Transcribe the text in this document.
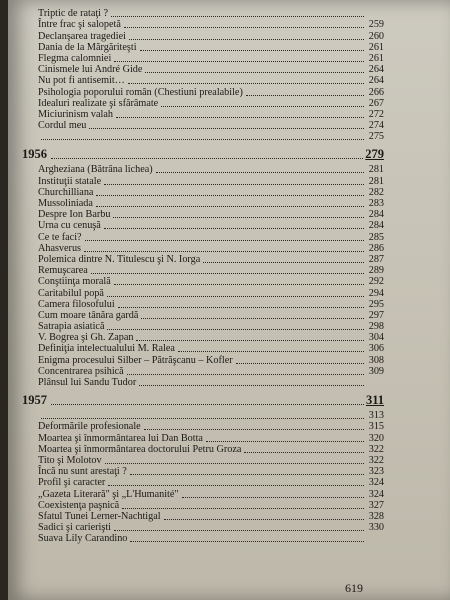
Triptic de rataţi ?
Între frac şi salopetă	259
Declanşarea tragediei	260
Dania de la Mărgăriteşti	261
Flegma calomniei	261
Cinismele lui André Gide	264
Nu pot fi antisemit…	264
Psihologia poporului român (Chestiuni prealabile)	266
Idealuri realizate şi sfărâmate	267
Miciurinism valah	272
Cordul meu	274
275
1956	279
Argheziana (Bătrâna lichea)	281
Instituţii statale	281
Churchilliana	282
Mussoliniada	283
Despre Ion Barbu	284
Urna cu cenuşă	284
Ce te faci?	285
Ahasverus	286
Polemica dintre N. Titulescu şi N. Iorga	287
Remuşcarea	289
Conştiinţa morală	292
Caritabilul popă	294
Camera filosofului	295
Cum moare tânăra gardă	297
Satrapia asiatică	298
V. Bogrea şi Gh. Zapan	304
Definiţia intelectualului M. Ralea	306
Enigma procesului Silber – Pătrăşcanu – Kofler	308
Concentrarea psihică	309
Plânsul lui Sandu Tudor
1957	311
313
Deformările profesionale	315
Moartea şi înmormântarea lui Dan Botta	320
Moartea şi înmormântarea doctorului Petru Groza	322
Tito şi Molotov	322
Încă nu sunt arestaţi ?	323
Profil şi caracter	324
„Gazeta Literară" şi „L'Humanité"	324
Coexistenţa paşnică	327
Sfatul Tunei Lerner-Nachtigal	328
Sadici şi carierişti	330
Suava Lily Carandino
619
